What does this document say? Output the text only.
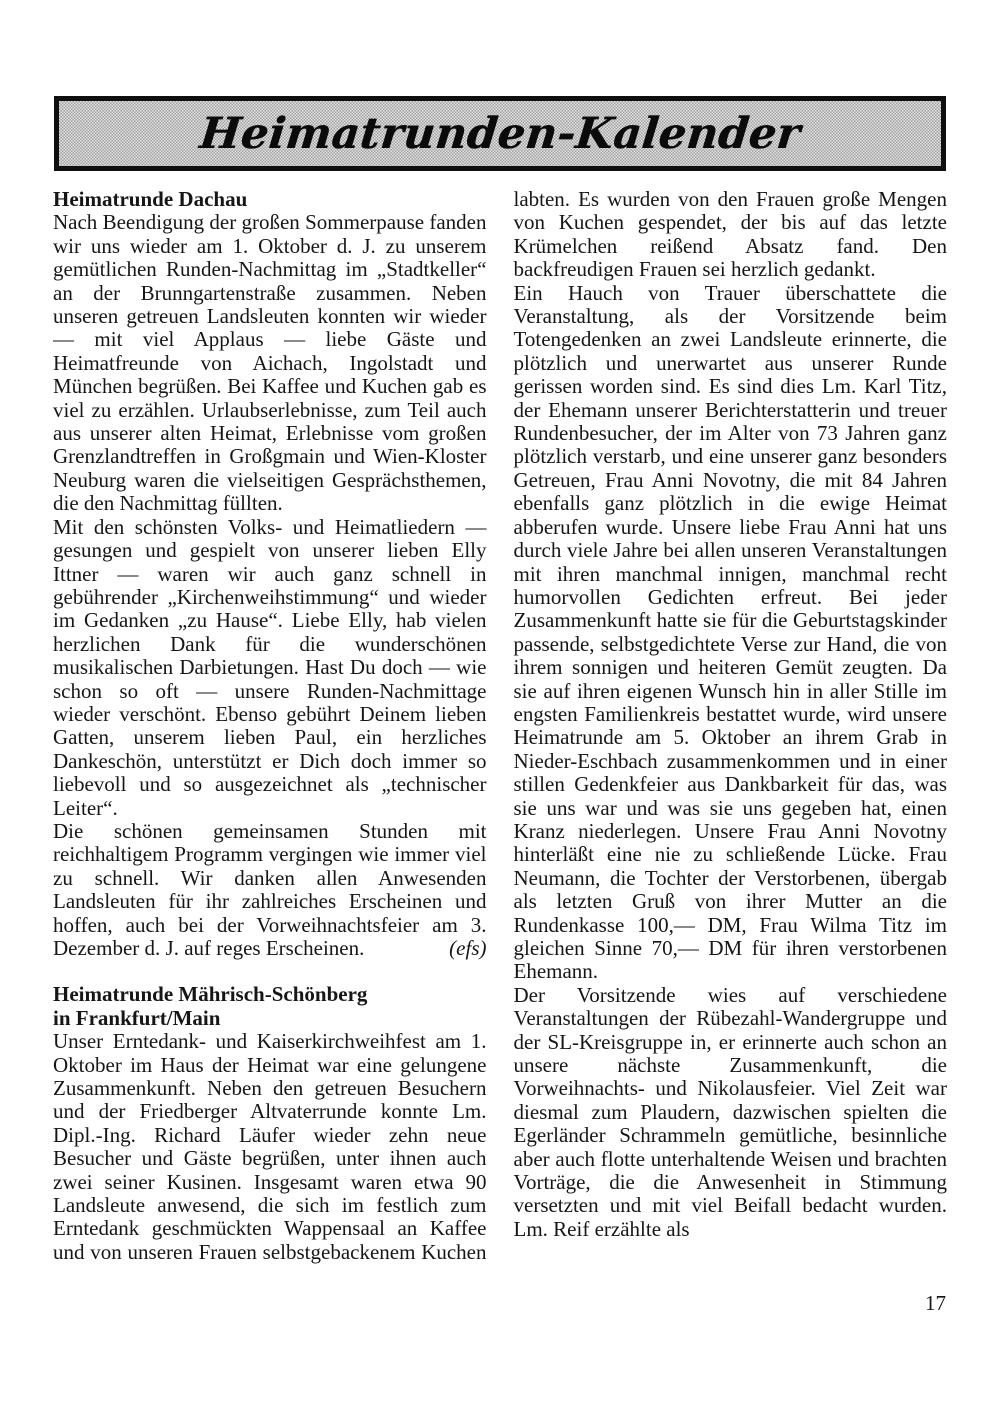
Heimatrunden-Kalender
Heimatrunde Dachau

Nach Beendigung der großen Sommerpause fanden wir uns wieder am 1. Oktober d. J. zu unserem gemütlichen Runden-Nachmittag im „Stadtkeller“ an der Brunngartenstraße zusammen. Neben unseren getreuen Landsleuten konnten wir wieder — mit viel Applaus — liebe Gäste und Heimatfreunde von Aichach, Ingolstadt und München begrüßen. Bei Kaffee und Kuchen gab es viel zu erzählen. Urlaubserlebnisse, zum Teil auch aus unserer alten Heimat, Erlebnisse vom großen Grenzlandtreffen in Großgmain und Wien-Kloster Neuburg waren die vielseitigen Gesprächsthemen, die den Nachmittag füllten.

Mit den schönsten Volks- und Heimatliedern — gesungen und gespielt von unserer lieben Elly Ittner — waren wir auch ganz schnell in gebührender „Kirchenweihstimmung“ und wieder im Gedanken „zu Hause“. Liebe Elly, hab vielen herzlichen Dank für die wunderschönen musikalischen Darbietungen. Hast Du doch — wie schon so oft — unsere Runden-Nachmittage wieder verschönt. Ebenso gebührt Deinem lieben Gatten, unserem lieben Paul, ein herzliches Dankeschön, unterstützt er Dich doch immer so liebevoll und so ausgezeichnet als „technischer Leiter“.

Die schönen gemeinsamen Stunden mit reichhaltigem Programm vergingen wie immer viel zu schnell. Wir danken allen Anwesenden Landsleuten für ihr zahlreiches Erscheinen und hoffen, auch bei der Vorweihnachtsfeier am 3. Dezember d. J. auf reges Erscheinen.	(efs)

Heimatrunde Mährisch-Schönberg
in Frankfurt/Main

Unser Erntedank- und Kaiserkirchweihfest am 1. Oktober im Haus der Heimat war eine gelungene Zusammenkunft. Neben den getreuen Besuchern und der Friedberger Altvaterrunde konnte Lm. Dipl.-Ing. Richard Läufer wieder zehn neue Besucher und Gäste begrüßen, unter ihnen auch zwei seiner Kusinen. Insgesamt waren etwa 90 Landsleute anwesend, die sich im festlich zum Erntedank geschmückten Wappensaal an Kaffee und von unseren Frauen selbstgebackenem Kuchen labten. Es wurden von den Frauen große Mengen von Kuchen gespendet, der bis auf das letzte Krümelchen reißend Absatz fand. Den backfreudigen Frauen sei herzlich gedankt.

Ein Hauch von Trauer überschattete die Veranstaltung, als der Vorsitzende beim Totengedenken an zwei Landsleute erinnerte, die plötzlich und unerwartet aus unserer Runde gerissen worden sind. Es sind dies Lm. Karl Titz, der Ehemann unserer Berichterstatterin und treuer Rundenbesucher, der im Alter von 73 Jahren ganz plötzlich verstarb, und eine unserer ganz besonders Getreuen, Frau Anni Novotny, die mit 84 Jahren ebenfalls ganz plötzlich in die ewige Heimat abberufen wurde. Unsere liebe Frau Anni hat uns durch viele Jahre bei allen unseren Veranstaltungen mit ihren manchmal innigen, manchmal recht humorvollen Gedichten erfreut. Bei jeder Zusammenkunft hatte sie für die Geburtstagskinder passende, selbstgedichtete Verse zur Hand, die von ihrem sonnigen und heiteren Gemüt zeugten. Da sie auf ihren eigenen Wunsch hin in aller Stille im engsten Familienkreis bestattet wurde, wird unsere Heimatrunde am 5. Oktober an ihrem Grab in Nieder-Eschbach zusammenkommen und in einer stillen Gedenkfeier aus Dankbarkeit für das, was sie uns war und was sie uns gegeben hat, einen Kranz niederlegen. Unsere Frau Anni Novotny hinterläßt eine nie zu schließende Lücke. Frau Neumann, die Tochter der Verstorbenen, übergab als letzten Gruß von ihrer Mutter an die Rundenkasse 100,— DM, Frau Wilma Titz im gleichen Sinne 70,— DM für ihren verstorbenen Ehemann.

Der Vorsitzende wies auf verschiedene Veranstaltungen der Rübezahl-Wandergruppe und der SL-Kreisgruppe in, er erinnerte auch schon an unsere nächste Zusammenkunft, die Vorweihnachts- und Nikolausfeier. Viel Zeit war diesmal zum Plaudern, dazwischen spielten die Egerländer Schrammeln gemütliche, besinnliche aber auch flotte unterhaltende Weisen und brachten Vorträge, die die Anwesenheit in Stimmung versetzten und mit viel Beifall bedacht wurden. Lm. Reif erzählte als

17
